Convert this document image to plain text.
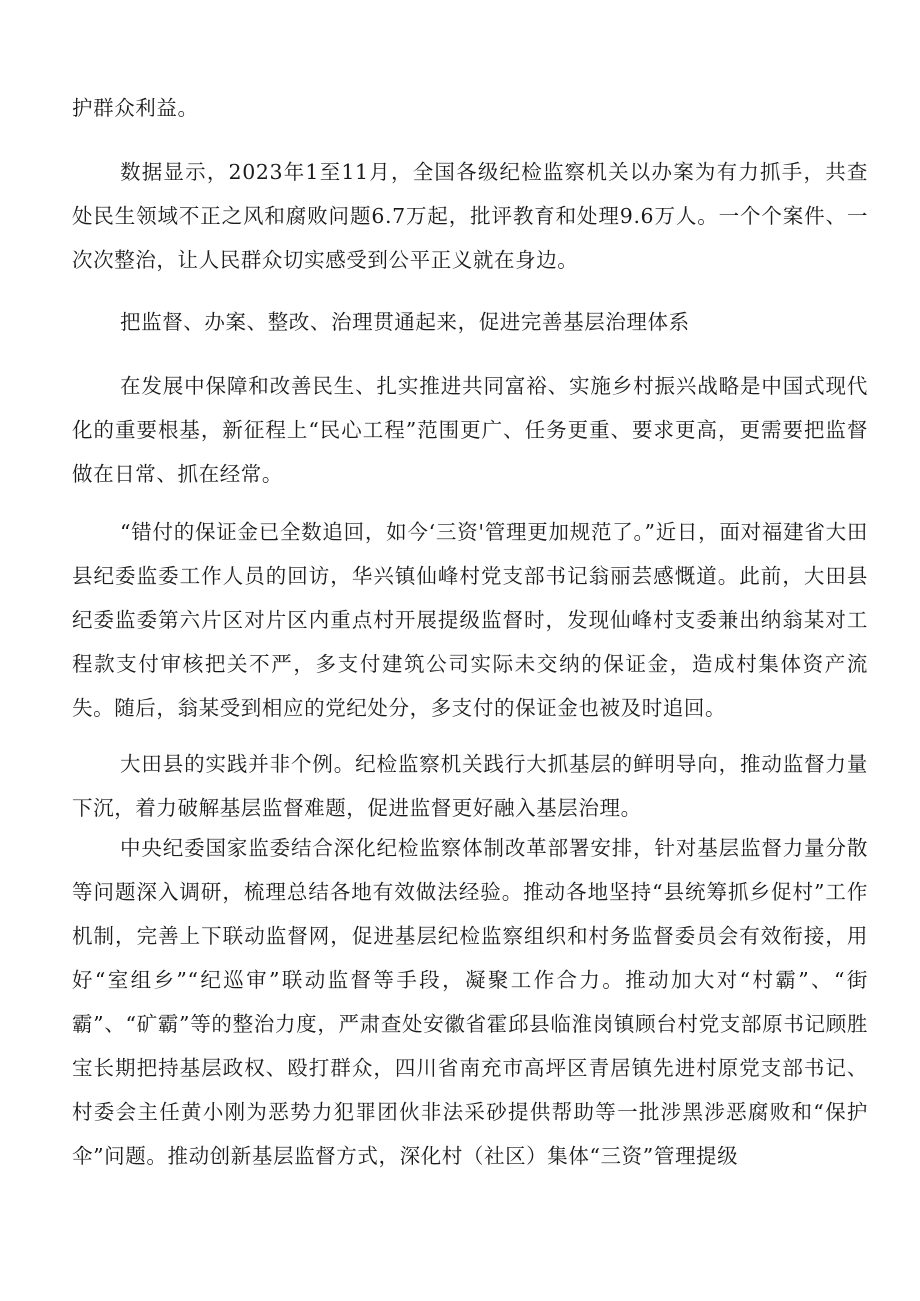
护群众利益。

数据显示，2023年1至11月，全国各级纪检监察机关以办案为有力抓手，共查处民生领域不正之风和腐败问题6.7万起，批评教育和处理9.6万人。一个个案件、一次次整治，让人民群众切实感受到公平正义就在身边。

把监督、办案、整改、治理贯通起来，促进完善基层治理体系

在发展中保障和改善民生、扎实推进共同富裕、实施乡村振兴战略是中国式现代化的重要根基，新征程上“民心工程”范围更广、任务更重、要求更高，更需要把监督做在日常、抓在经常。

“错付的保证金已全数追回，如今‘三资'管理更加规范了。”近日，面对福建省大田县纪委监委工作人员的回访，华兴镇仙峰村党支部书记翁丽芸感慨道。此前，大田县纪委监委第六片区对片区内重点村开展提级监督时，发现仙峰村支委兼出纳翁某对工程款支付审核把关不严，多支付建筑公司实际未交纳的保证金，造成村集体资产流失。随后，翁某受到相应的党纪处分，多支付的保证金也被及时追回。

大田县的实践并非个例。纪检监察机关践行大抓基层的鲜明导向，推动监督力量下沉，着力破解基层监督难题，促进监督更好融入基层治理。

中央纪委国家监委结合深化纪检监察体制改革部署安排，针对基层监督力量分散等问题深入调研，梳理总结各地有效做法经验。推动各地坚持“县统筹抓乡促村”工作机制，完善上下联动监督网，促进基层纪检监察组织和村务监督委员会有效衔接，用好“室组乡”“纪巡审”联动监督等手段，凝聚工作合力。推动加大对“村霸”、“街霸”、“矿霸”等的整治力度，严肃查处安徽省霍邱县临淮岗镇顾台村党支部原书记顾胜宝长期把持基层政权、殴打群众，四川省南充市高坪区青居镇先进村原党支部书记、村委会主任黄小刚为恶势力犯罪团伙非法采砂提供帮助等一批涉黑涉恶腐败和“保护伞”问题。推动创新基层监督方式，深化村（社区）集体“三资”管理提级
